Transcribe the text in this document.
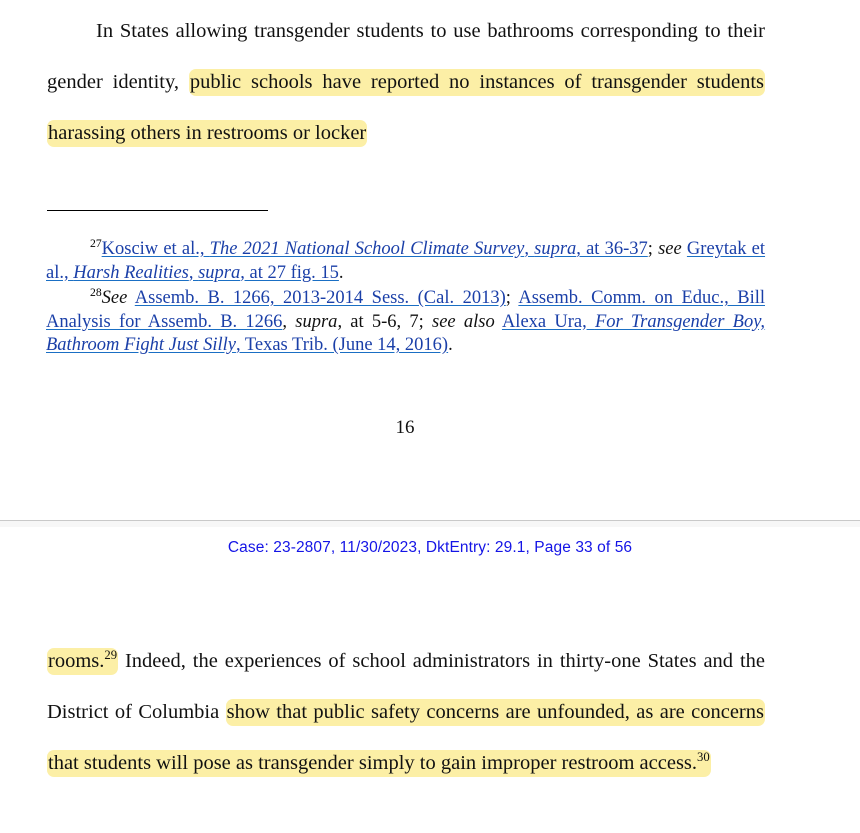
In States allowing transgender students to use bathrooms corresponding to their gender identity, public schools have reported no instances of transgender students harassing others in restrooms or locker

$^{27}$Kosciw et al., The 2021 National School Climate Survey, supra, at 36-37; see Greytak et al., Harsh Realities, supra, at 27 fig. 15.

$^{28}$See Assemb. B. 1266, 2013-2014 Sess. (Cal. 2013); Assemb. Comm. on Educ., Bill Analysis for Assemb. B. 1266, supra, at 5-6, 7; see also Alexa Ura, For Transgender Boy, Bathroom Fight Just Silly, Texas Trib. (June 14, 2016).

16
Case: 23-2807, 11/30/2023, DktEntry: 29.1, Page 33 of 56
rooms.$^{29}$ Indeed, the experiences of school administrators in thirty-one States and the District of Columbia show that public safety concerns are unfounded, as are concerns that students will pose as transgender simply to gain improper restroom access.$^{30}$
